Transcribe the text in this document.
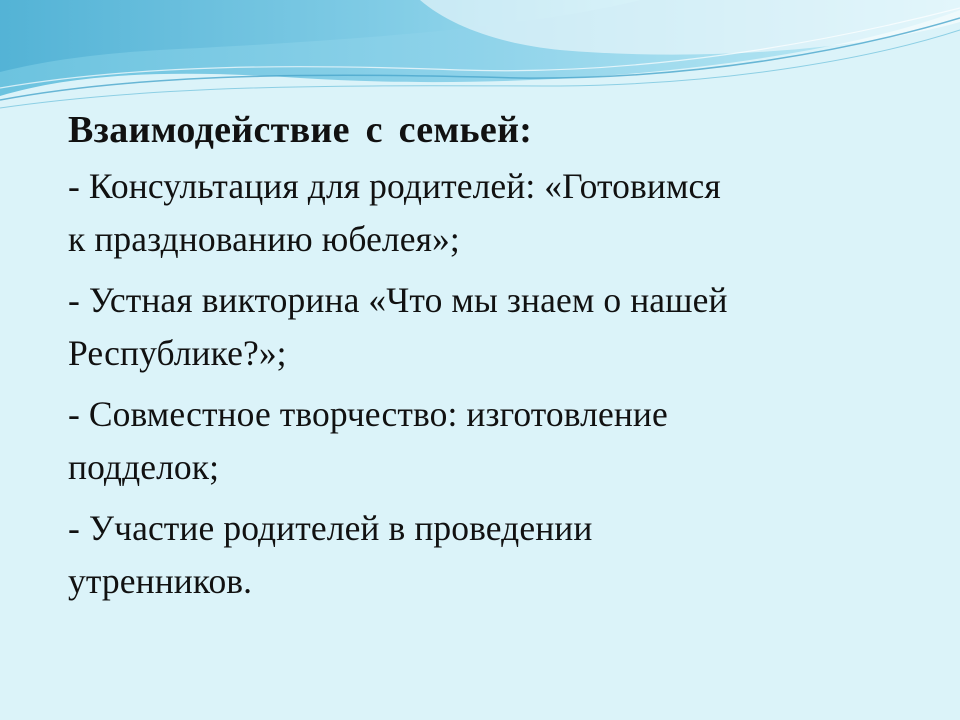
Взаимодействие с семьей:
- Консультация для родителей: «Готовимся
к празднованию юбелея»;
- Устная викторина «Что мы знаем о нашей
Республике?»;
- Совместное творчество: изготовление
подделок;
- Участие родителей в проведении
утренников.
